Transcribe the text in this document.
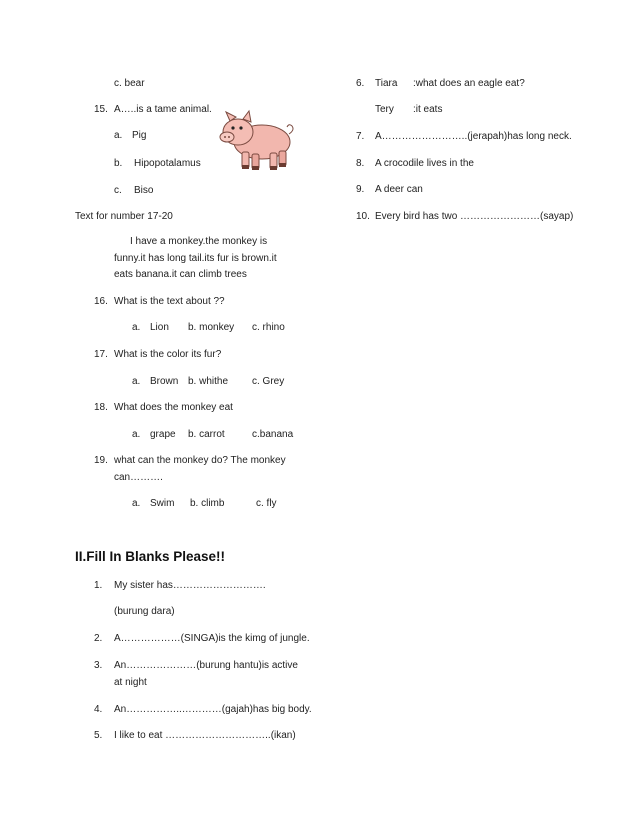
c. bear
15. A…..is a tame animal.
a. Pig
b. Hipopotalamus
c. Biso
Text for number 17-20
I have a monkey.the monkey is
funny.it has long tail.its fur is brown.it
eats banana.it can climb trees
16. What is the text about ??
a. Lion b. monkey c. rhino
17. What is the color its fur?
a. Brown b. whithe c. Grey
18. What does the monkey eat
a. grape b. carrot	c.banana
19. what can the monkey do? The monkey
can……….
a. Swim b. climb	c. fly
II.Fill In Blanks Please!!
1. My sister has……………………….
(burung dara)
2. A………………(SINGA)is the kimg of jungle.
3. An…………………(burung hantu)is active
at night
4. An……………..…………(gajah)has big body.
5. I like to eat …………………………..(ikan)
6. Tiara :what does an eagle eat?
Tery :it eats
7. A……………………..(jerapah)has long neck.
8. A crocodile lives in the
9. A deer can
10. Every bird has two ……………………(sayap)
